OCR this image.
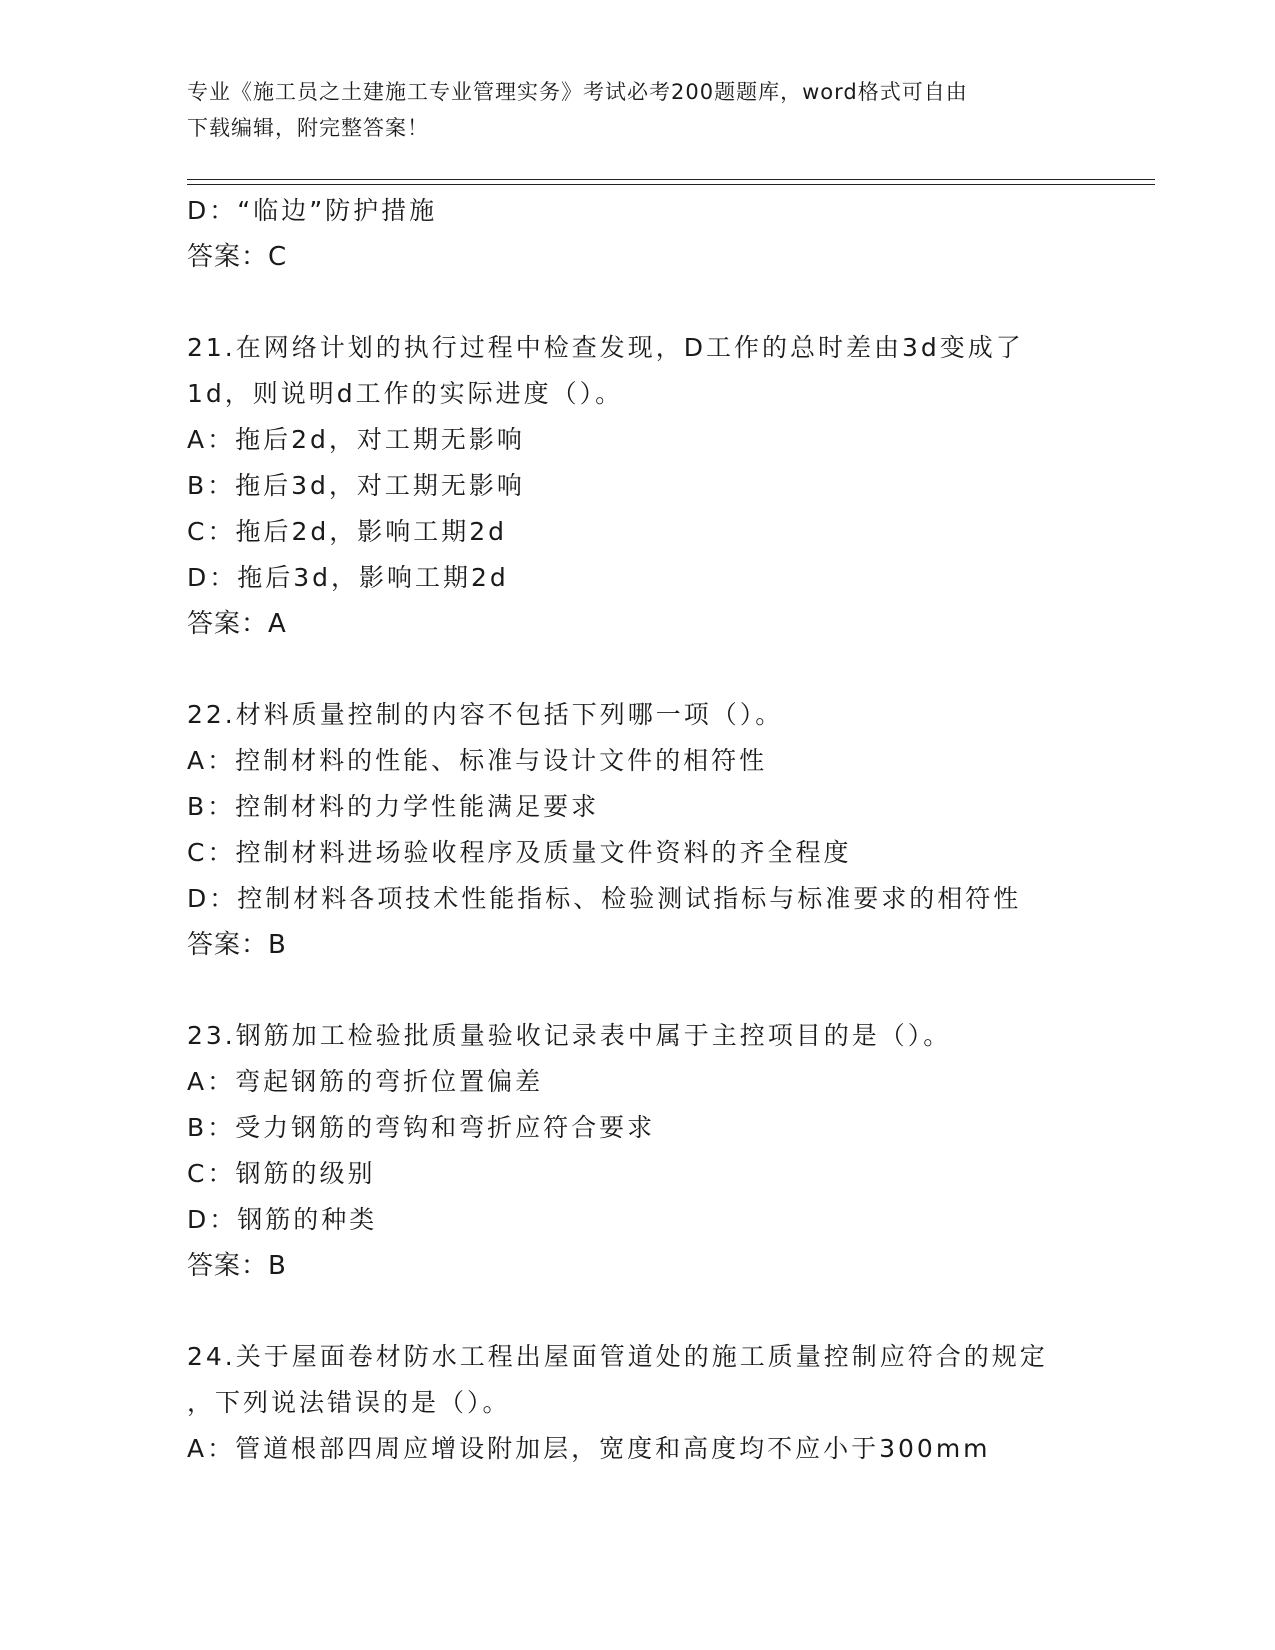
专业《施工员之土建施工专业管理实务》考试必考200题题库，word格式可自由
下载编辑，附完整答案！
D：“临边”防护措施
答案：C
21.在网络计划的执行过程中检查发现，D工作的总时差由3d变成了
1d，则说明d工作的实际进度（）。
A：拖后2d，对工期无影响
B：拖后3d，对工期无影响
C：拖后2d，影响工期2d
D：拖后3d，影响工期2d
答案：A
22.材料质量控制的内容不包括下列哪一项（）。
A：控制材料的性能、标准与设计文件的相符性
B：控制材料的力学性能满足要求
C：控制材料进场验收程序及质量文件资料的齐全程度
D：控制材料各项技术性能指标、检验测试指标与标准要求的相符性
答案：B
23.钢筋加工检验批质量验收记录表中属于主控项目的是（）。
A：弯起钢筋的弯折位置偏差
B：受力钢筋的弯钩和弯折应符合要求
C：钢筋的级别
D：钢筋的种类
答案：B
24.关于屋面卷材防水工程出屋面管道处的施工质量控制应符合的规定
，下列说法错误的是（）。
A：管道根部四周应增设附加层，宽度和高度均不应小于300mm
